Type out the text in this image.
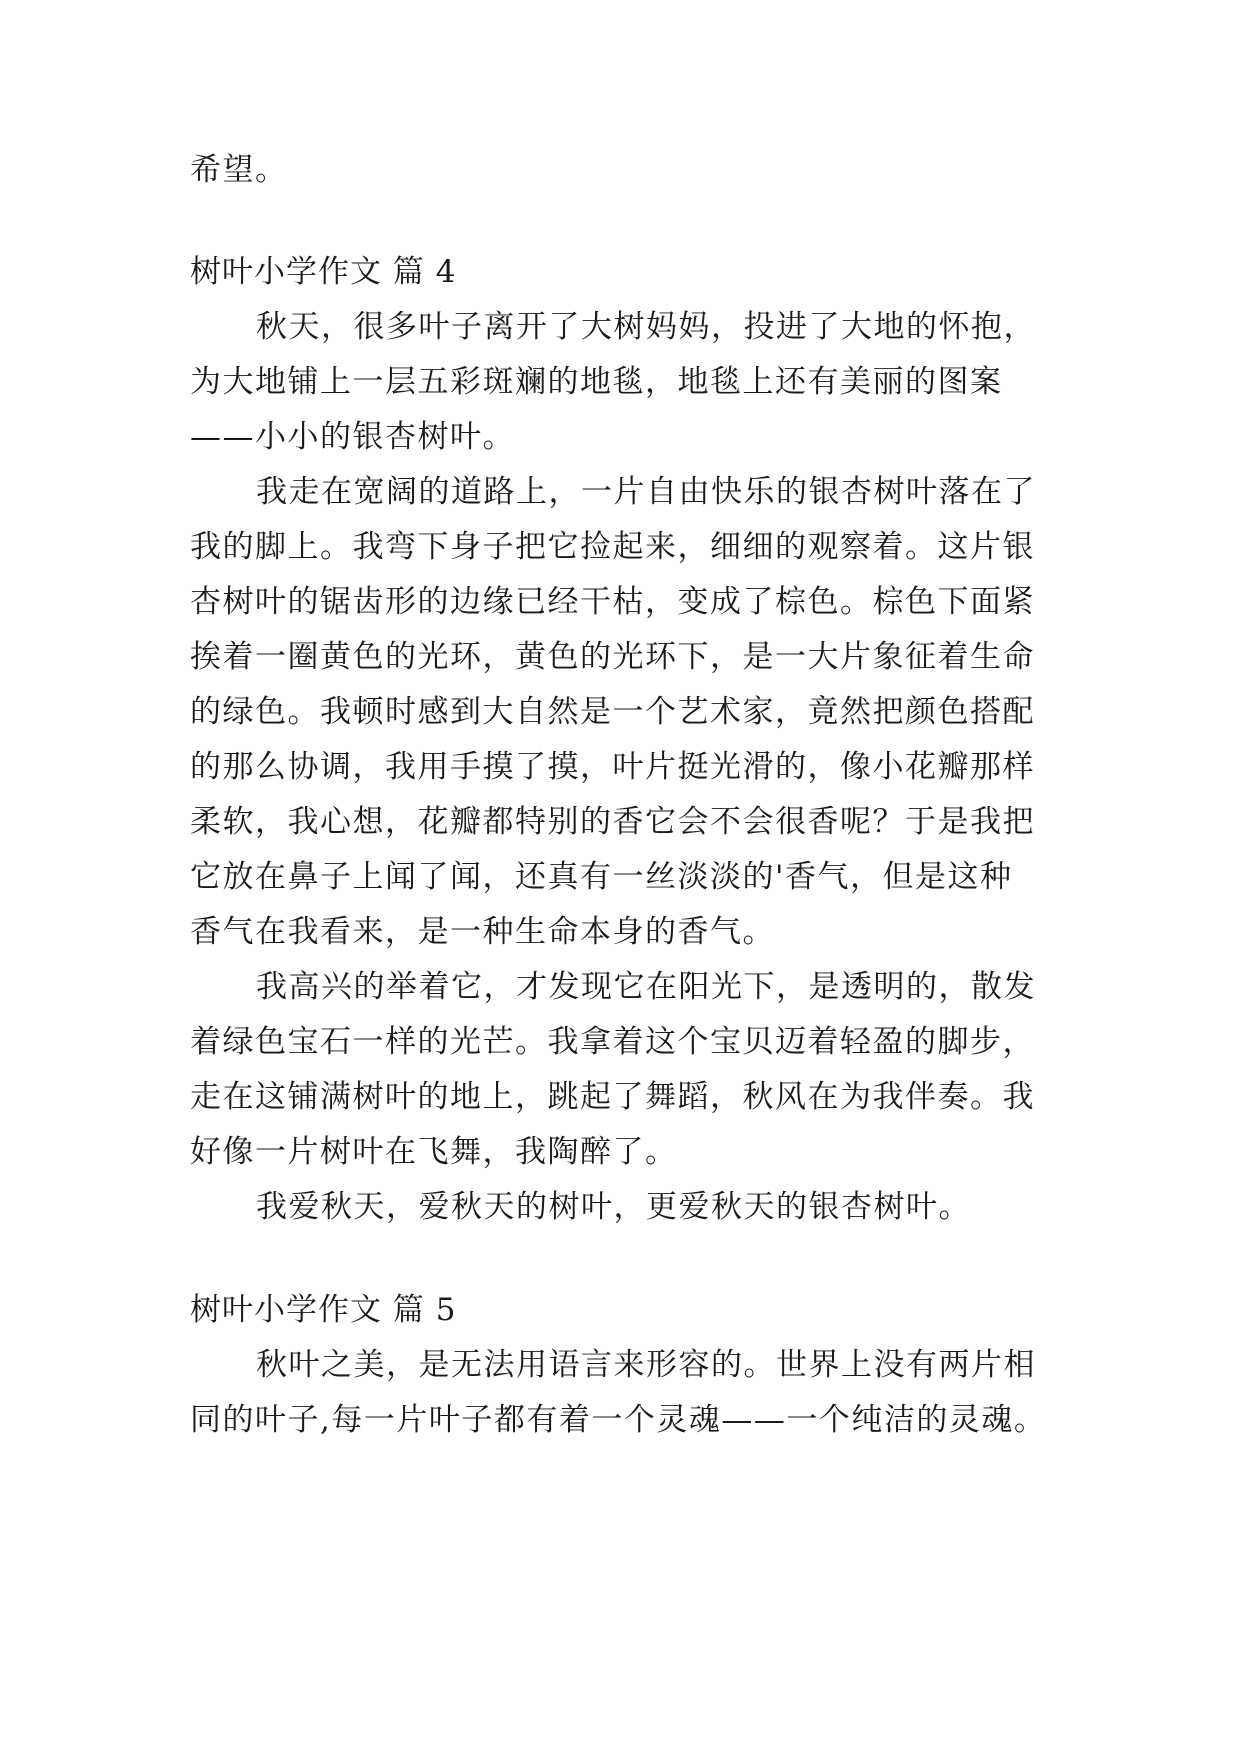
希望。
树叶小学作文 篇 4
秋天，很多叶子离开了大树妈妈，投进了大地的怀抱，
为大地铺上一层五彩斑斓的地毯，地毯上还有美丽的图案
——小小的银杏树叶。
我走在宽阔的道路上，一片自由快乐的银杏树叶落在了
我的脚上。我弯下身子把它捡起来，细细的观察着。这片银
杏树叶的锯齿形的边缘已经干枯，变成了棕色。棕色下面紧
挨着一圈黄色的光环，黄色的光环下，是一大片象征着生命
的绿色。我顿时感到大自然是一个艺术家，竟然把颜色搭配
的那么协调，我用手摸了摸，叶片挺光滑的，像小花瓣那样
柔软，我心想，花瓣都特别的香它会不会很香呢？于是我把
它放在鼻子上闻了闻，还真有一丝淡淡的'香气，但是这种
香气在我看来，是一种生命本身的香气。
我高兴的举着它，才发现它在阳光下，是透明的，散发
着绿色宝石一样的光芒。我拿着这个宝贝迈着轻盈的脚步，
走在这铺满树叶的地上，跳起了舞蹈，秋风在为我伴奏。我
好像一片树叶在飞舞，我陶醉了。
我爱秋天，爱秋天的树叶，更爱秋天的银杏树叶。
树叶小学作文 篇 5
秋叶之美，是无法用语言来形容的。世界上没有两片相
同的叶子,每一片叶子都有着一个灵魂——一个纯洁的灵魂。
